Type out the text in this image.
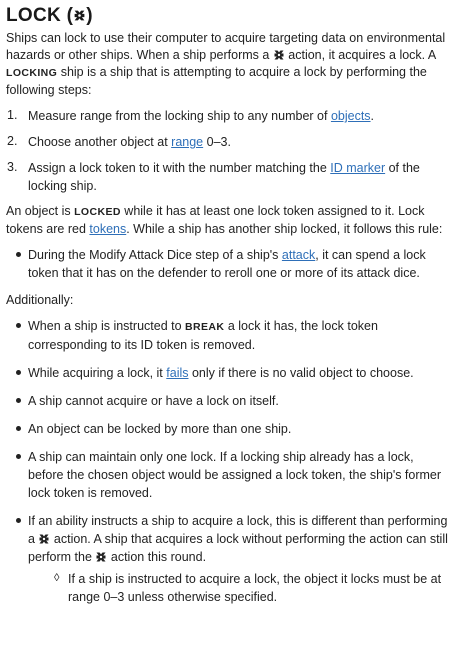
LOCK ( )

Ships can lock to use their computer to acquire targeting data on environmental hazards or other ships. When a ship performs a  action, it acquires a lock. A LOCKING ship is a ship that is attempting to acquire a lock by performing the following steps:

1. Measure range from the locking ship to any number of objects.
2. Choose another object at range 0–3.
3. Assign a lock token to it with the number matching the ID marker of the locking ship.

An object is LOCKED while it has at least one lock token assigned to it. Lock tokens are red tokens. While a ship has another ship locked, it follows this rule:

During the Modify Attack Dice step of a ship's attack, it can spend a lock token that it has on the defender to reroll one or more of its attack dice.

Additionally:

When a ship is instructed to BREAK a lock it has, the lock token corresponding to its ID token is removed.
While acquiring a lock, it fails only if there is no valid object to choose.
A ship cannot acquire or have a lock on itself.
An object can be locked by more than one ship.
A ship can maintain only one lock. If a locking ship already has a lock, before the chosen object would be assigned a lock token, the ship's former lock token is removed.
If an ability instructs a ship to acquire a lock, this is different than performing a  action. A ship that acquires a lock without performing the action can still perform the  action this round.
◊ If a ship is instructed to acquire a lock, the object it locks must be at range 0–3 unless otherwise specified.
